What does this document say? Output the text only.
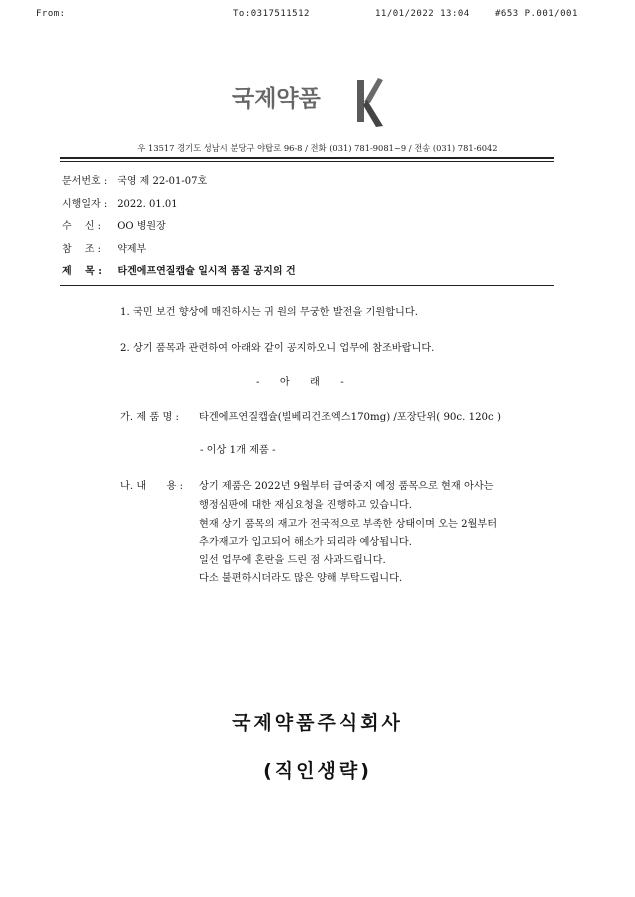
From:	To:0317511512	11/01/2022 13:04	#653 P.001/001
국제약품
우 13517 경기도 성남시 분당구 야탑로 96-8 / 전화 (031) 781-9081~9 / 전송 (031) 781-6042
문서번호 : 국영 제 22-01-07호
시행일자 : 2022. 01.01
수　 신 : OO 병원장
참　 조 : 약제부
제　 목 : 타겐에프연질캡슐 일시적 품질 공지의 건
1. 국민 보건 향상에 매진하시는 귀 원의 무궁한 발전을 기원합니다.
2. 상기 품목과 관련하여 아래와 같이 공지하오니 업무에 참조바랍니다.
-　　아　　래　　-
가. 제 품 명 : 타겐에프연질캡슐(빌베리건조엑스170mg) /포장단위( 90c. 120c )
- 이상 1개 제품 -
나. 내　　용 : 상기 제품은 2022년 9월부터 급여중지 예정 품목으로 현재 아사는
행정심판에 대한 재심요청을 진행하고 있습니다.
현재 상기 품목의 재고가 전국적으로 부족한 상태이며 오는 2월부터
추가재고가 입고되어 해소가 되리라 예상됩니다.
일선 업무에 혼란을 드린 점 사과드립니다.
다소 불편하시더라도 많은 양해 부탁드립니다.
국제약품주식회사
(직인생략)
